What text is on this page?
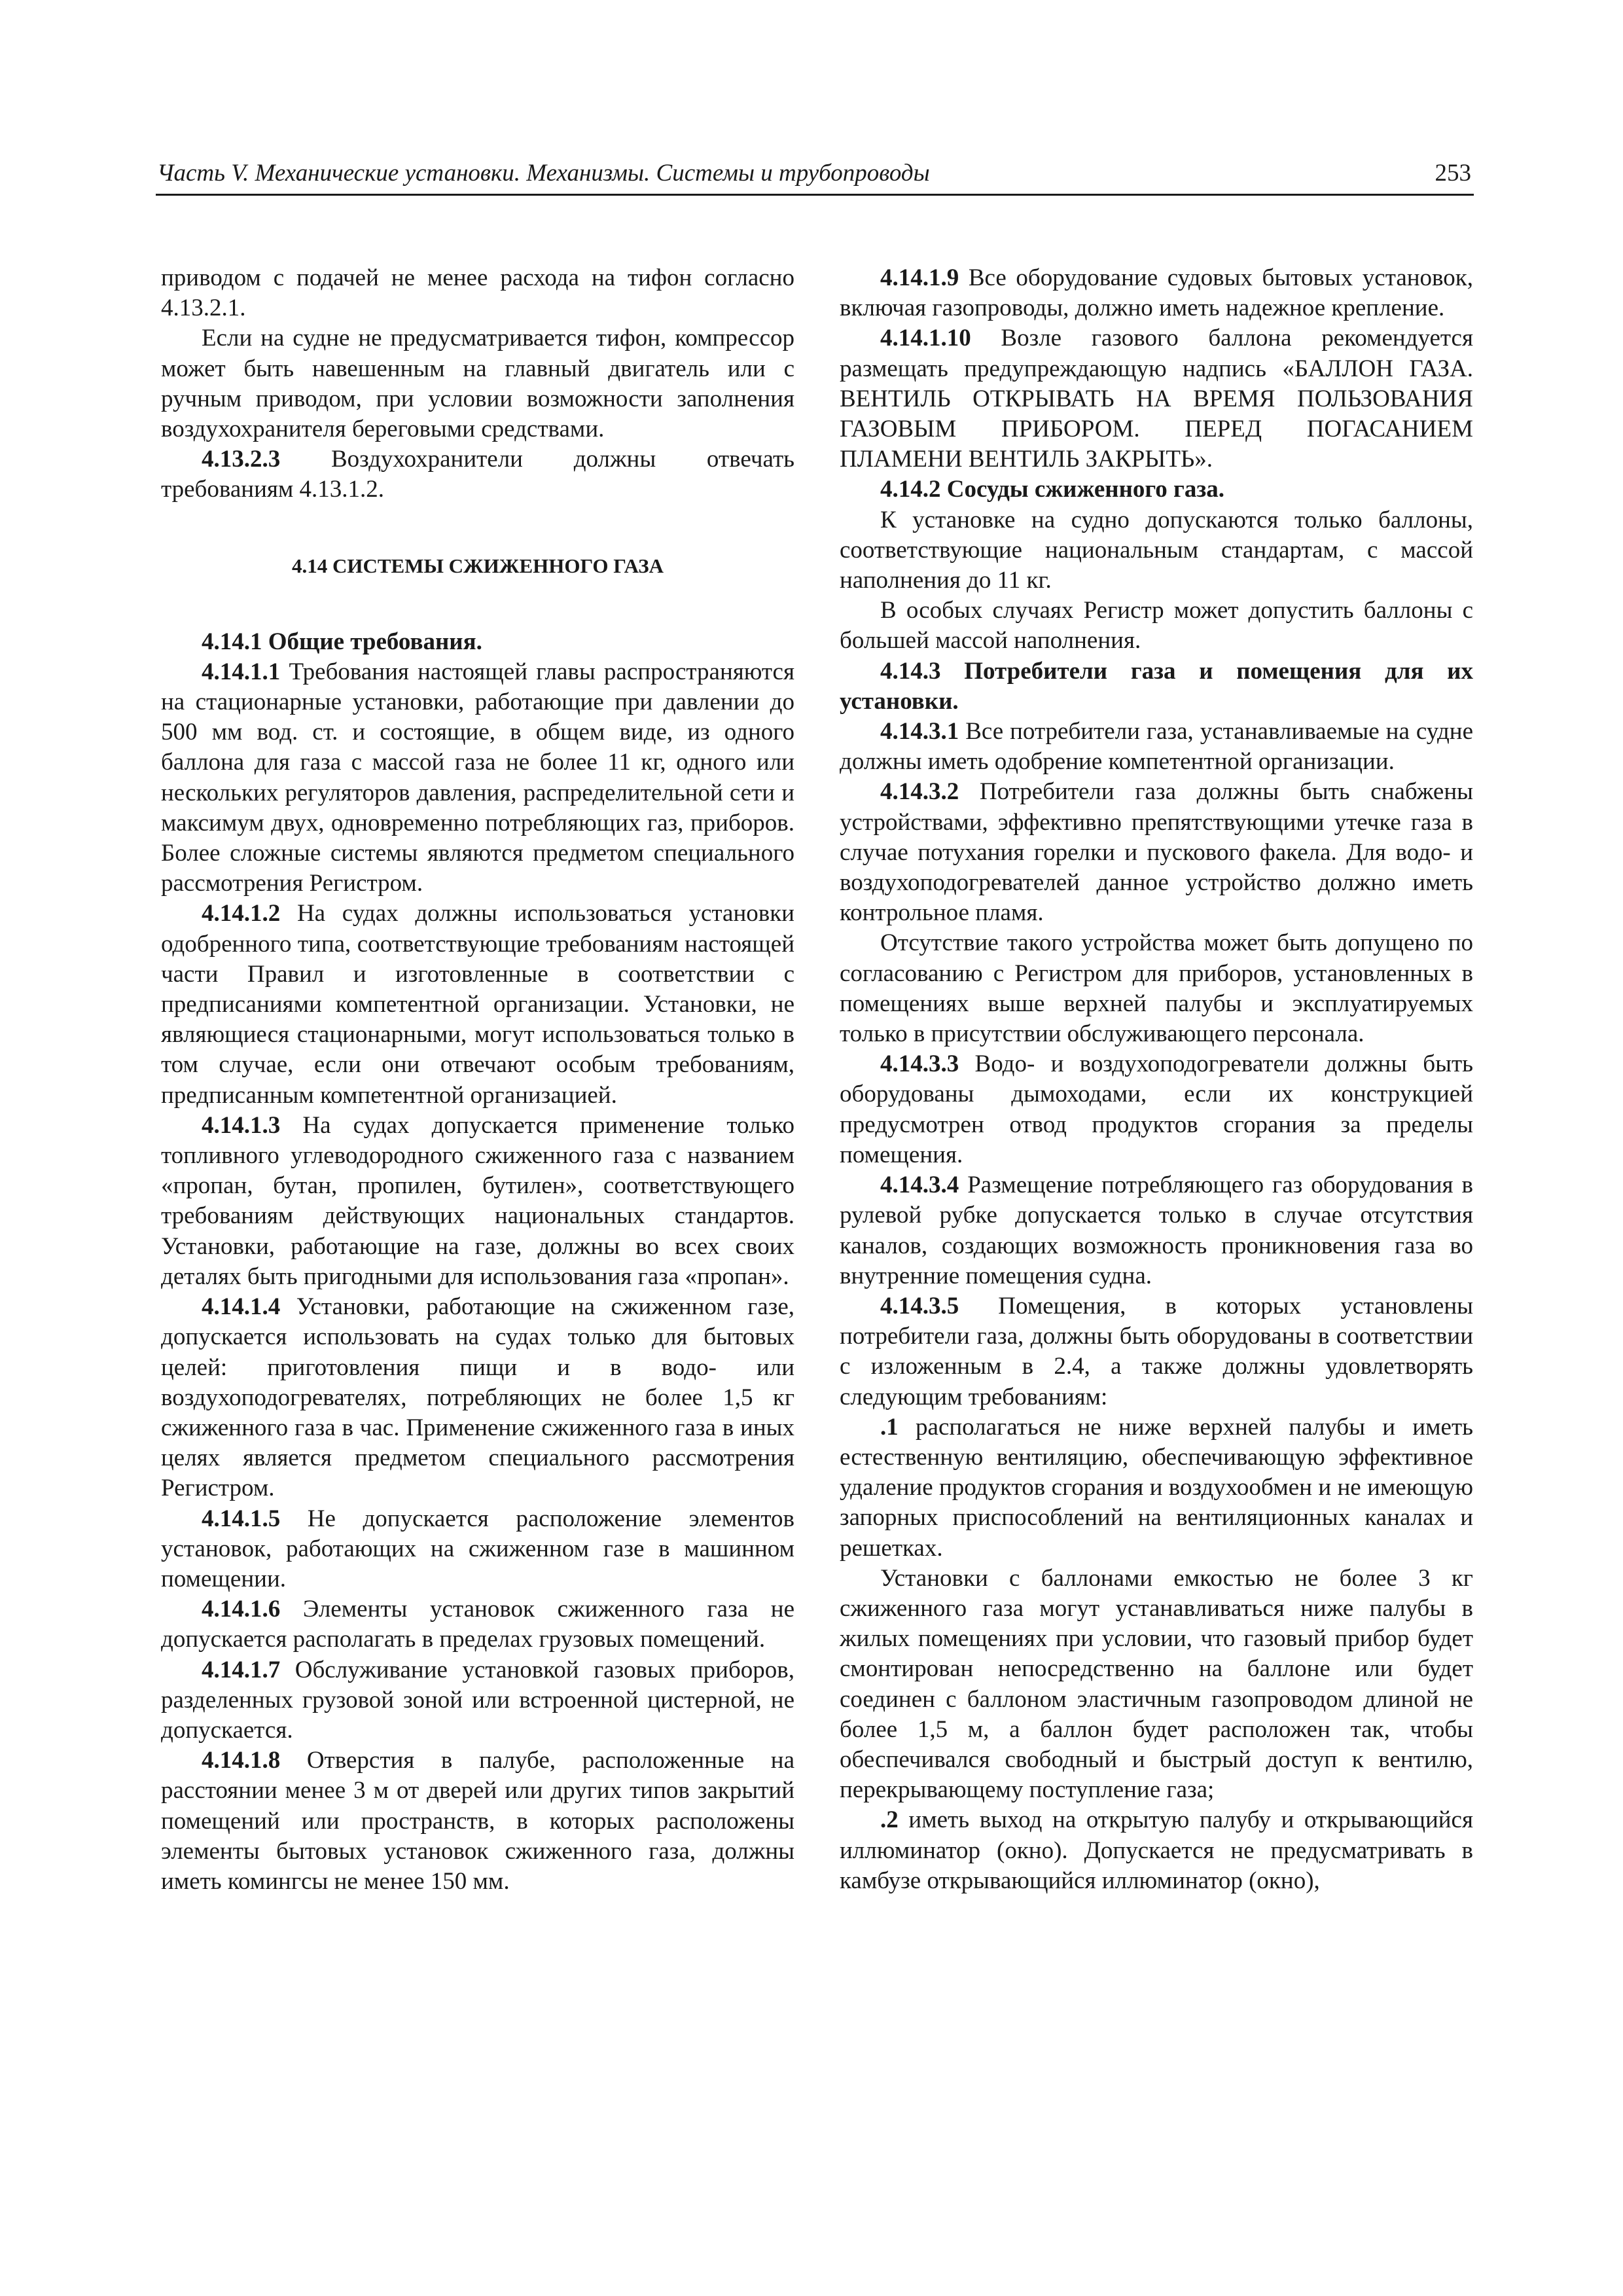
Часть V. Механические установки. Механизмы. Системы и трубопроводы	253

приводом с подачей не менее расхода на тифон согласно 4.13.2.1.

Если на судне не предусматривается тифон, компрессор может быть навешенным на главный двигатель или с ручным приводом, при условии возможности заполнения воздухохранителя береговыми средствами.

4.13.2.3 Воздухохранители должны отвечать требованиям 4.13.1.2.

4.14 СИСТЕМЫ СЖИЖЕННОГО ГАЗА

4.14.1 Общие требования.

4.14.1.1 Требования настоящей главы распространяются на стационарные установки, работающие при давлении до 500 мм вод. ст. и состоящие, в общем виде, из одного баллона для газа с массой газа не более 11 кг, одного или нескольких регуляторов давления, распределительной сети и максимум двух, одновременно потребляющих газ, приборов. Более сложные системы являются предметом специального рассмотрения Регистром.

4.14.1.2 На судах должны использоваться установки одобренного типа, соответствующие требованиям настоящей части Правил и изготовленные в соответствии с предписаниями компетентной организации. Установки, не являющиеся стационарными, могут использоваться только в том случае, если они отвечают особым требованиям, предписанным компетентной организацией.

4.14.1.3 На судах допускается применение только топливного углеводородного сжиженного газа с названием «пропан, бутан, пропилен, бутилен», соответствующего требованиям действующих национальных стандартов. Установки, работающие на газе, должны во всех своих деталях быть пригодными для использования газа «пропан».

4.14.1.4 Установки, работающие на сжиженном газе, допускается использовать на судах только для бытовых целей: приготовления пищи и в водо- или воздухоподогревателях, потребляющих не более 1,5 кг сжиженного газа в час. Применение сжиженного газа в иных целях является предметом специального рассмотрения Регистром.

4.14.1.5 Не допускается расположение элементов установок, работающих на сжиженном газе в машинном помещении.

4.14.1.6 Элементы установок сжиженного газа не допускается располагать в пределах грузовых помещений.

4.14.1.7 Обслуживание установкой газовых приборов, разделенных грузовой зоной или встроенной цистерной, не допускается.

4.14.1.8 Отверстия в палубе, расположенные на расстоянии менее 3 м от дверей или других типов закрытий помещений или пространств, в которых расположены элементы бытовых установок сжиженного газа, должны иметь комингсы не менее 150 мм.

4.14.1.9 Все оборудование судовых бытовых установок, включая газопроводы, должно иметь надежное крепление.

4.14.1.10 Возле газового баллона рекомендуется размещать предупреждающую надпись «БАЛЛОН ГАЗА. ВЕНТИЛЬ ОТКРЫВАТЬ НА ВРЕМЯ ПОЛЬЗОВАНИЯ ГАЗОВЫМ ПРИБОРОМ. ПЕРЕД ПОГАСАНИЕМ ПЛАМЕНИ ВЕНТИЛЬ ЗАКРЫТЬ».

4.14.2 Сосуды сжиженного газа.

К установке на судно допускаются только баллоны, соответствующие национальным стандартам, с массой наполнения до 11 кг.

В особых случаях Регистр может допустить баллоны с большей массой наполнения.

4.14.3 Потребители газа и помещения для их установки.

4.14.3.1 Все потребители газа, устанавливаемые на судне должны иметь одобрение компетентной организации.

4.14.3.2 Потребители газа должны быть снабжены устройствами, эффективно препятствующими утечке газа в случае потухания горелки и пускового факела. Для водо- и воздухоподогревателей данное устройство должно иметь контрольное пламя.

Отсутствие такого устройства может быть допущено по согласованию с Регистром для приборов, установленных в помещениях выше верхней палубы и эксплуатируемых только в присутствии обслуживающего персонала.

4.14.3.3 Водо- и воздухоподогреватели должны быть оборудованы дымоходами, если их конструкцией предусмотрен отвод продуктов сгорания за пределы помещения.

4.14.3.4 Размещение потребляющего газ оборудования в рулевой рубке допускается только в случае отсутствия каналов, создающих возможность проникновения газа во внутренние помещения судна.

4.14.3.5 Помещения, в которых установлены потребители газа, должны быть оборудованы в соответствии с изложенным в 2.4, а также должны удовлетворять следующим требованиям:

.1 располагаться не ниже верхней палубы и иметь естественную вентиляцию, обеспечивающую эффективное удаление продуктов сгорания и воздухообмен и не имеющую запорных приспособлений на вентиляционных каналах и решетках.

Установки с баллонами емкостью не более 3 кг сжиженного газа могут устанавливаться ниже палубы в жилых помещениях при условии, что газовый прибор будет смонтирован непосредственно на баллоне или будет соединен с баллоном эластичным газопроводом длиной не более 1,5 м, а баллон будет расположен так, чтобы обеспечивался свободный и быстрый доступ к вентилю, перекрывающему поступление газа;

.2 иметь выход на открытую палубу и открывающийся иллюминатор (окно). Допускается не предусматривать в камбузе открывающийся иллюминатор (окно),
